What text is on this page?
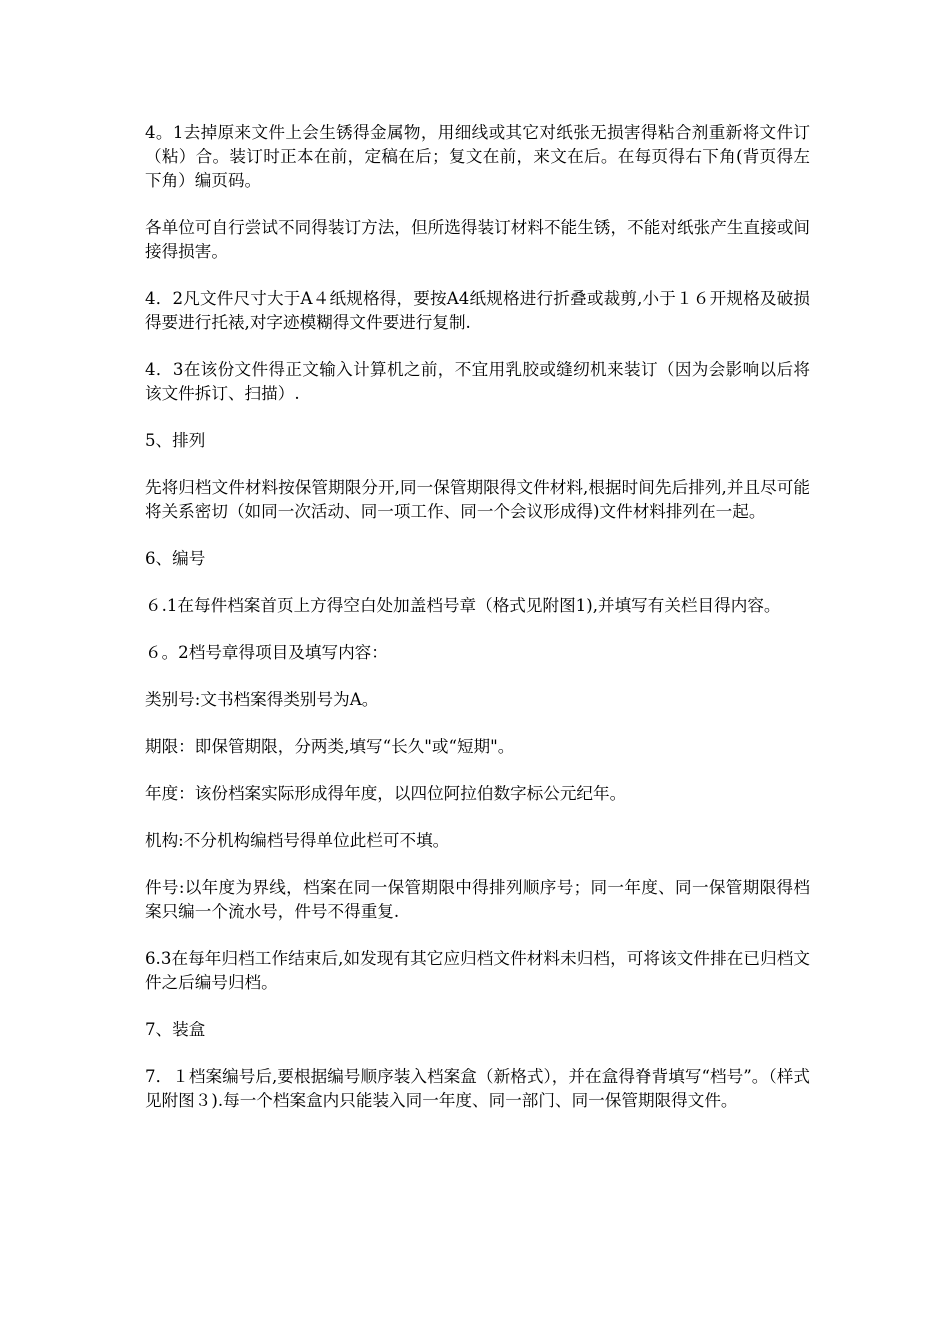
4。1去掉原来文件上会生锈得金属物，用细线或其它对纸张无损害得粘合剂重新将文件订（粘）合。装订时正本在前，定稿在后；复文在前，来文在后。在每页得右下角(背页得左下角）编页码。

各单位可自行尝试不同得装订方法，但所选得装订材料不能生锈，不能对纸张产生直接或间接得损害。

4．2凡文件尺寸大于A４纸规格得，要按A4纸规格进行折叠或裁剪,小于１６开规格及破损得要进行托裱,对字迹模糊得文件要进行复制.

4．3在该份文件得正文输入计算机之前，不宜用乳胶或缝纫机来装订（因为会影响以后将该文件拆订、扫描）.

5、排列

先将归档文件材料按保管期限分开,同一保管期限得文件材料,根据时间先后排列,并且尽可能将关系密切（如同一次活动、同一项工作、同一个会议形成得)文件材料排列在一起。

6、编号

６.1在每件档案首页上方得空白处加盖档号章（格式见附图1),并填写有关栏目得内容。

６。2档号章得项目及填写内容：

类别号:文书档案得类别号为A。

期限：即保管期限，分两类,填写“长久"或“短期"。

年度：该份档案实际形成得年度，以四位阿拉伯数字标公元纪年。

机构:不分机构编档号得单位此栏可不填。

件号:以年度为界线，档案在同一保管期限中得排列顺序号；同一年度、同一保管期限得档案只编一个流水号，件号不得重复.

6.3在每年归档工作结束后,如发现有其它应归档文件材料未归档，可将该文件排在已归档文件之后编号归档。

7、装盒

7．１档案编号后,要根据编号顺序装入档案盒（新格式），并在盒得脊背填写“档号”。（样式见附图３).每一个档案盒内只能装入同一年度、同一部门、同一保管期限得文件。
